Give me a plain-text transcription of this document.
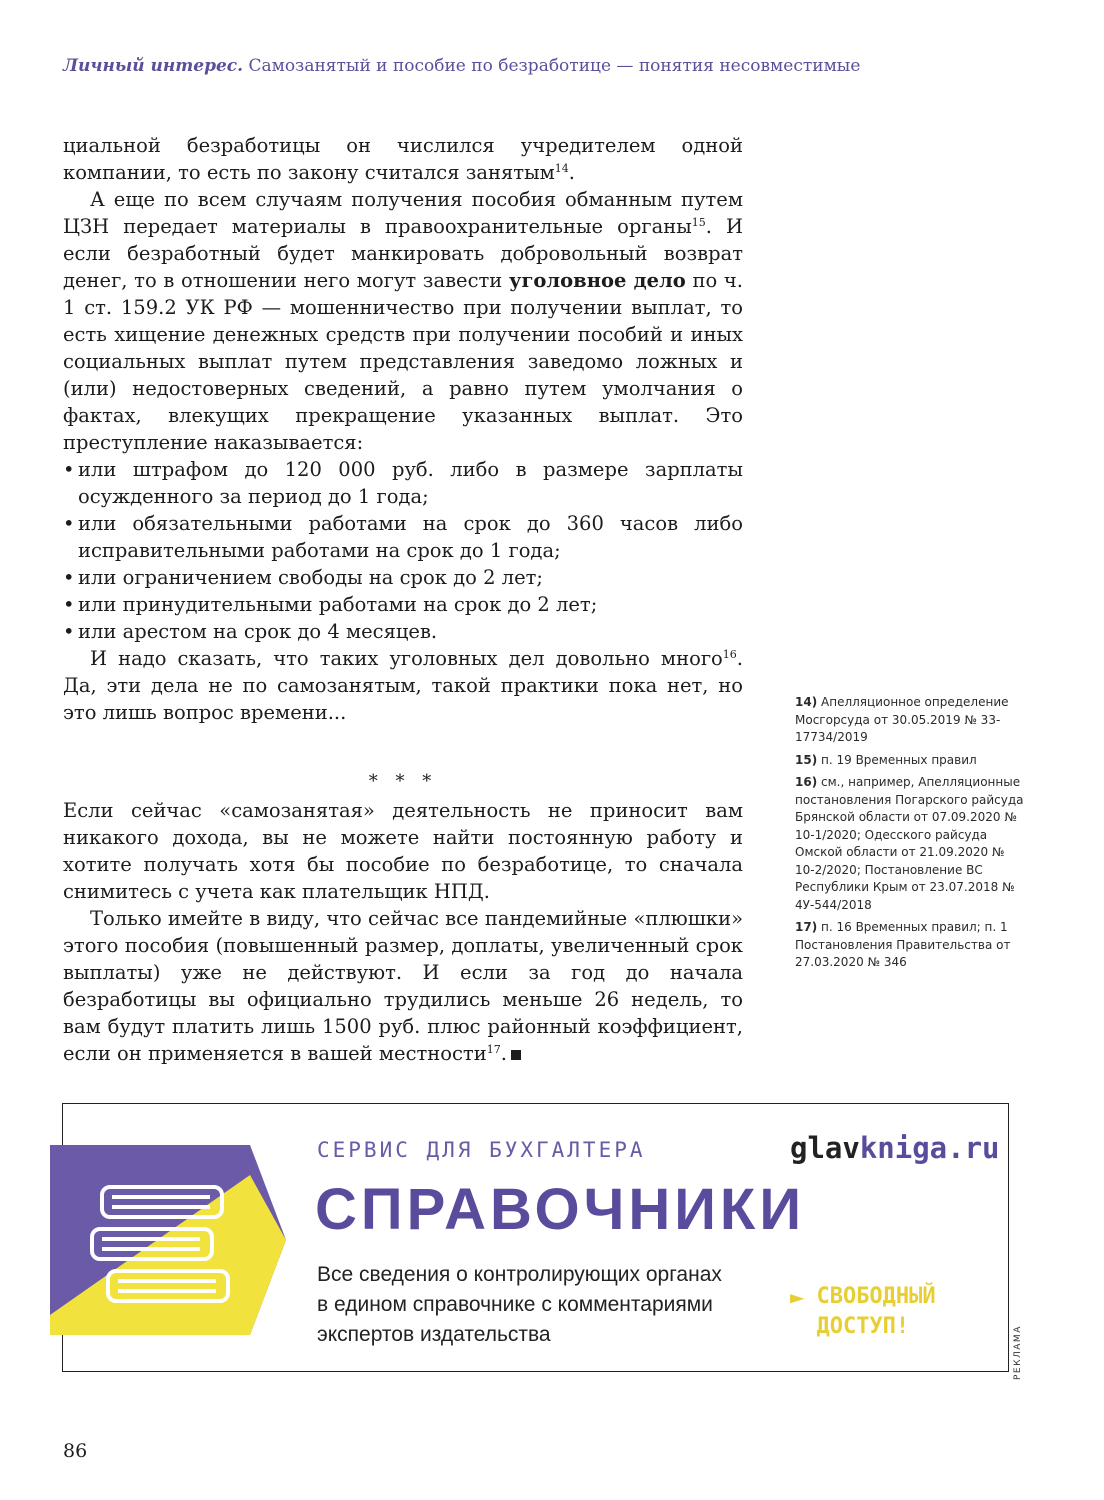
Личный интерес. Самозанятый и пособие по безработице — понятия несовместимые

циальной безработицы он числился учредителем одной компании, то есть по закону считался занятым$^{14}$.

А еще по всем случаям получения пособия обманным путем ЦЗН передает материалы в правоохранительные органы$^{15}$. И если безработный будет манкировать добровольный возврат денег, то в отношении него могут завести уголовное дело по ч. 1 ст. 159.2 УК РФ — мошенничество при получении выплат, то есть хищение денежных средств при получении пособий и иных социальных выплат путем представления заведомо ложных и (или) недостоверных сведений, а равно путем умолчания о фактах, влекущих прекращение указанных выплат. Это преступление наказывается:

• или штрафом до 120 000 руб. либо в размере зарплаты осужденного за период до 1 года;
• или обязательными работами на срок до 360 часов либо исправительными работами на срок до 1 года;
• или ограничением свободы на срок до 2 лет;
• или принудительными работами на срок до 2 лет;
• или арестом на срок до 4 месяцев.

И надо сказать, что таких уголовных дел довольно много$^{16}$. Да, эти дела не по самозанятым, такой практики пока нет, но это лишь вопрос времени...

* * *

Если сейчас «самозанятая» деятельность не приносит вам никакого дохода, вы не можете найти постоянную работу и хотите получать хотя бы пособие по безработице, то сначала снимитесь с учета как плательщик НПД.

Только имейте в виду, что сейчас все пандемийные «плюшки» этого пособия (повышенный размер, доплаты, увеличенный срок выплаты) уже не действуют. И если за год до начала безработицы вы официально трудились меньше 26 недель, то вам будут платить лишь 1500 руб. плюс районный коэффициент, если он применяется в вашей местности$^{17}$.

14) Апелляционное определение Мосгорсуда от 30.05.2019 № 33-17734/2019
15) п. 19 Временных правил
16) см., например, Апелляционные постановления Погарского райсуда Брянской области от 07.09.2020 № 10-1/2020; Одесского райсуда Омской области от 21.09.2020 № 10-2/2020; Постановление ВС Республики Крым от 23.07.2018 № 4У-544/2018
17) п. 16 Временных правил; п. 1 Постановления Правительства от 27.03.2020 № 346
СЕРВИС ДЛЯ БУХГАЛТЕРА
СПРАВОЧНИКИ
Все сведения о контролирующих органах
в едином справочнике с комментариями
экспертов издательства
glavkniga.ru
► СВОБОДНЫЙ
ДОСТУП!	РЕКЛАМА
86
